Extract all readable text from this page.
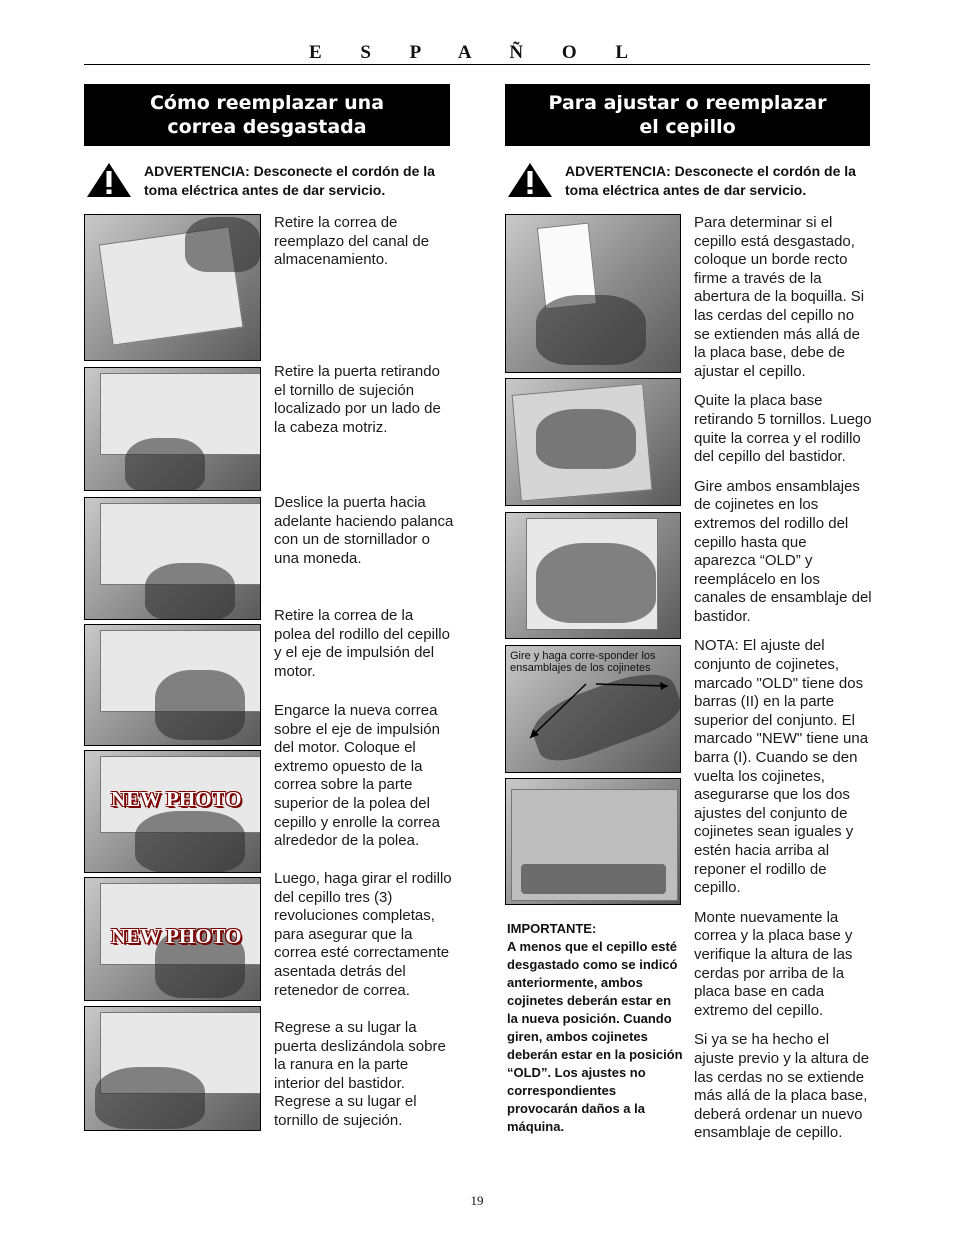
E S P A Ñ O L
Cómo reemplazar una
correa desgastada
ADVERTENCIA: Desconecte el cordón de la toma eléctrica antes de dar servicio.
NEW PHOTO
NEW PHOTO
Retire la correa de reemplazo del canal de almacenamiento.
Retire la puerta retirando el tornillo de sujeción localizado por un lado de la cabeza motriz.
Deslice la puerta hacia adelante haciendo palanca con un de stornillador o una moneda.
Retire la correa de la polea del rodillo del cepillo y el eje de impulsión del motor.
Engarce la nueva correa sobre el eje de impulsión del motor. Coloque el extremo opuesto de la correa sobre la parte superior de la polea del cepillo y enrolle la correa alrededor de la polea.
Luego, haga girar el rodillo del cepillo tres (3) revoluciones completas, para asegurar que la correa esté correctamente asentada detrás del retenedor de correa.
Regrese a su lugar la puerta deslizándola sobre la ranura en la parte interior del bastidor. Regrese a su lugar el tornillo de sujeción.
Para ajustar o reemplazar
el cepillo
ADVERTENCIA: Desconecte el cordón de la toma eléctrica antes de dar servicio.
Gire y haga corre-sponder los ensamblajes de los cojinetes
IMPORTANTE:
A menos que el cepillo esté desgastado como se indicó anteriormente, ambos cojinetes deberán estar en la nueva posición. Cuando giren, ambos cojinetes deberán estar en la posición “OLD”. Los ajustes no correspondientes provocarán daños a la máquina.
Para determinar si el cepillo está desgastado, coloque un borde recto firme a través de la abertura de la boquilla. Si las cerdas del cepillo no se extienden más allá de la placa base, debe de ajustar el cepillo.
Quite la placa base retirando 5 tornillos. Luego quite la correa y el rodillo del cepillo del bastidor.
Gire ambos ensamblajes de cojinetes en los extremos del rodillo del cepillo hasta que aparezca “OLD” y reemplácelo en los canales de ensamblaje del bastidor.
NOTA: El ajuste del conjunto de cojinetes, marcado "OLD" tiene dos barras (II) en la parte superior del conjunto. El marcado "NEW" tiene una barra (I). Cuando se den vuelta los cojinetes, asegurarse que los dos ajustes del conjunto de cojinetes sean iguales y estén hacia arriba al reponer el rodillo de cepillo.
Monte nuevamente la correa y la placa base y verifique la altura de las cerdas por arriba de la placa base en cada extremo del cepillo.
Si ya se ha hecho el ajuste previo y la altura de las cerdas no se extiende más allá de la placa base, deberá ordenar un nuevo ensamblaje de cepillo.
19
